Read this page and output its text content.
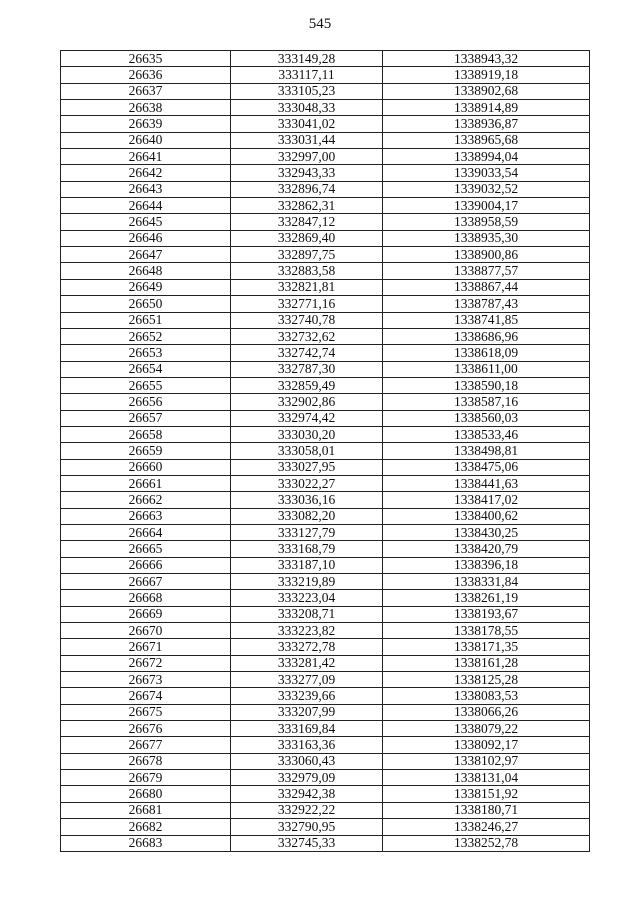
545
26635	333149,28	1338943,32
26636	333117,11	1338919,18
26637	333105,23	1338902,68
26638	333048,33	1338914,89
26639	333041,02	1338936,87
26640	333031,44	1338965,68
26641	332997,00	1338994,04
26642	332943,33	1339033,54
26643	332896,74	1339032,52
26644	332862,31	1339004,17
26645	332847,12	1338958,59
26646	332869,40	1338935,30
26647	332897,75	1338900,86
26648	332883,58	1338877,57
26649	332821,81	1338867,44
26650	332771,16	1338787,43
26651	332740,78	1338741,85
26652	332732,62	1338686,96
26653	332742,74	1338618,09
26654	332787,30	1338611,00
26655	332859,49	1338590,18
26656	332902,86	1338587,16
26657	332974,42	1338560,03
26658	333030,20	1338533,46
26659	333058,01	1338498,81
26660	333027,95	1338475,06
26661	333022,27	1338441,63
26662	333036,16	1338417,02
26663	333082,20	1338400,62
26664	333127,79	1338430,25
26665	333168,79	1338420,79
26666	333187,10	1338396,18
26667	333219,89	1338331,84
26668	333223,04	1338261,19
26669	333208,71	1338193,67
26670	333223,82	1338178,55
26671	333272,78	1338171,35
26672	333281,42	1338161,28
26673	333277,09	1338125,28
26674	333239,66	1338083,53
26675	333207,99	1338066,26
26676	333169,84	1338079,22
26677	333163,36	1338092,17
26678	333060,43	1338102,97
26679	332979,09	1338131,04
26680	332942,38	1338151,92
26681	332922,22	1338180,71
26682	332790,95	1338246,27
26683	332745,33	1338252,78
